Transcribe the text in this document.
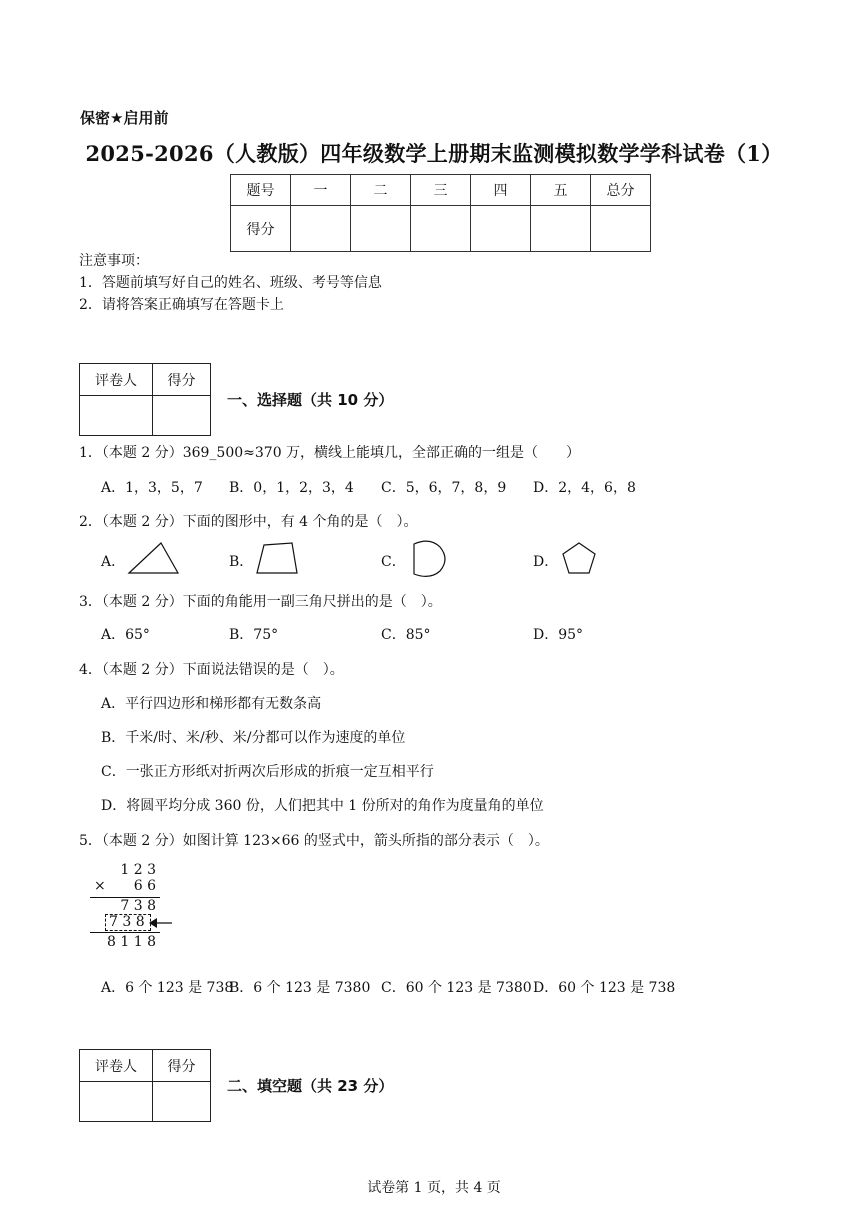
保密★启用前
2025-2026（人教版）四年级数学上册期末监测模拟数学学科试卷（1）
题号	一	二	三	四	五	总分
得分						
注意事项：
1．答题前填写好自己的姓名、班级、考号等信息
2．请将答案正确填写在答题卡上
评卷人	得分

一、选择题（共 10 分）
1．（本题 2 分）369_500≈370 万，横线上能填几，全部正确的一组是（　　）
A．1，3，5，7 B．0，1，2，3，4 C．5，6，7，8，9 D．2，4，6，8
2．（本题 2 分）下面的图形中，有 4 个角的是（　）。
A．	B．	C．	D．
3．（本题 2 分）下面的角能用一副三角尺拼出的是（　）。
A．65°	B．75°	C．85°	D．95°
4．（本题 2 分）下面说法错误的是（　）。
A．平行四边形和梯形都有无数条高
B．千米/时、米/秒、米/分都可以作为速度的单位
C．一张正方形纸对折两次后形成的折痕一定互相平行
D．将圆平均分成 360 份，人们把其中 1 份所对的角作为度量角的单位
5．（本题 2 分）如图计算 123×66 的竖式中，箭头所指的部分表示（　）。
1 2 3
× 6 6
7 3 8
7 3 8
8 1 1 8
A．6 个 123 是 738
B．6 个 123 是 7380 C．60 个 123 是 7380 D．60 个 123 是 738
评卷人	得分

二、填空题（共 23 分）
试卷第 1 页，共 4 页
